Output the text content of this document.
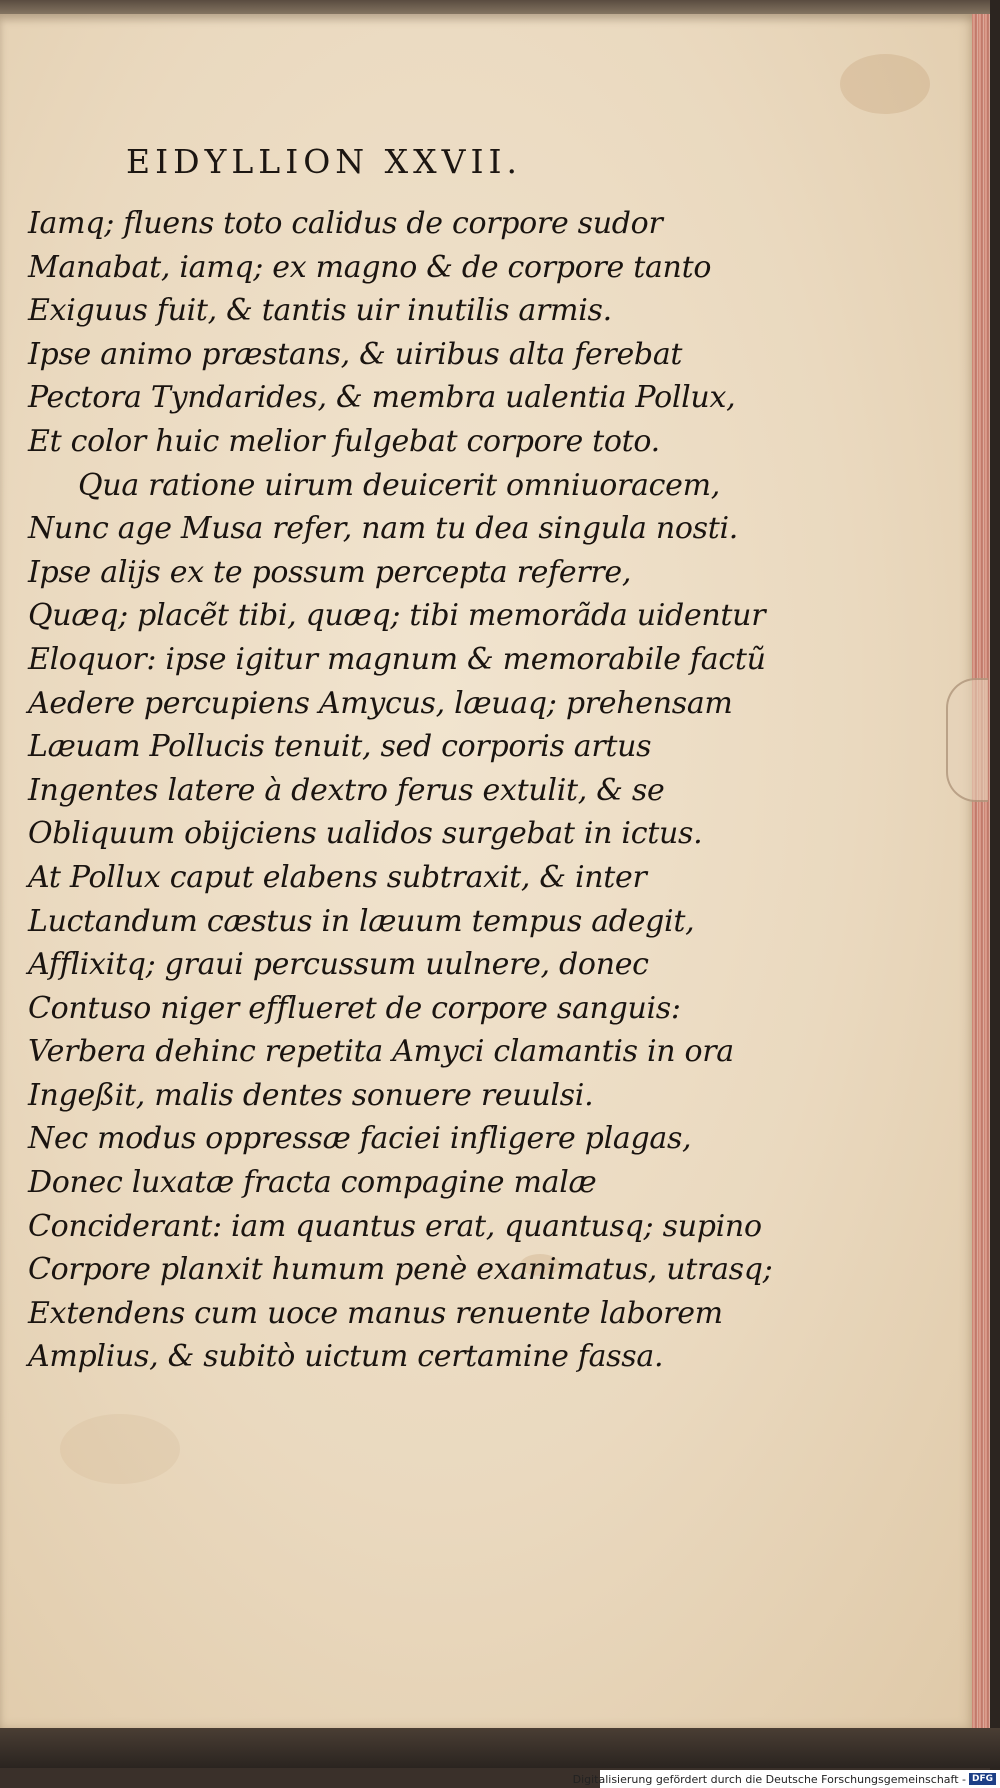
EIDYLLION XXVII.
Iamq; fluens toto calidus de corpore sudor
Manabat, iamq; ex magno & de corpore tanto
Exiguus fuit, & tantis uir inutilis armis.
Ipse animo præstans, & uiribus alta ferebat
Pectora Tyndarides, & membra ualentia Pollux,
Et color huic melior fulgebat corpore toto.
Qua ratione uirum deuicerit omniuoracem,
Nunc age Musa refer, nam tu dea singula nosti.
Ipse alijs ex te possum percepta referre,
Quæq; placẽt tibi, quæq; tibi memorãda uidentur
Eloquor: ipse igitur magnum & memorabile factũ
Aedere percupiens Amycus, læuaq; prehensam
Læuam Pollucis tenuit, sed corporis artus
Ingentes latere à dextro ferus extulit, & se
Obliquum obijciens ualidos surgebat in ictus.
At Pollux caput elabens subtraxit, & inter
Luctandum cæstus in læuum tempus adegit,
Afflixitq; graui percussum uulnere, donec
Contuso niger efflueret de corpore sanguis:
Verbera dehinc repetita Amyci clamantis in ora
Ingeßit, malis dentes sonuere reuulsi.
Nec modus oppressæ faciei infligere plagas,
Donec luxatæ fracta compagine malæ
Conciderant: iam quantus erat, quantusq; supino
Corpore planxit humum penè exanimatus, utrasq;
Extendens cum uoce manus renuente laborem
Amplius, & subitò uictum certamine fassa.
Digitalisierung gefördert durch die Deutsche Forschungsgemeinschaft - DFG
